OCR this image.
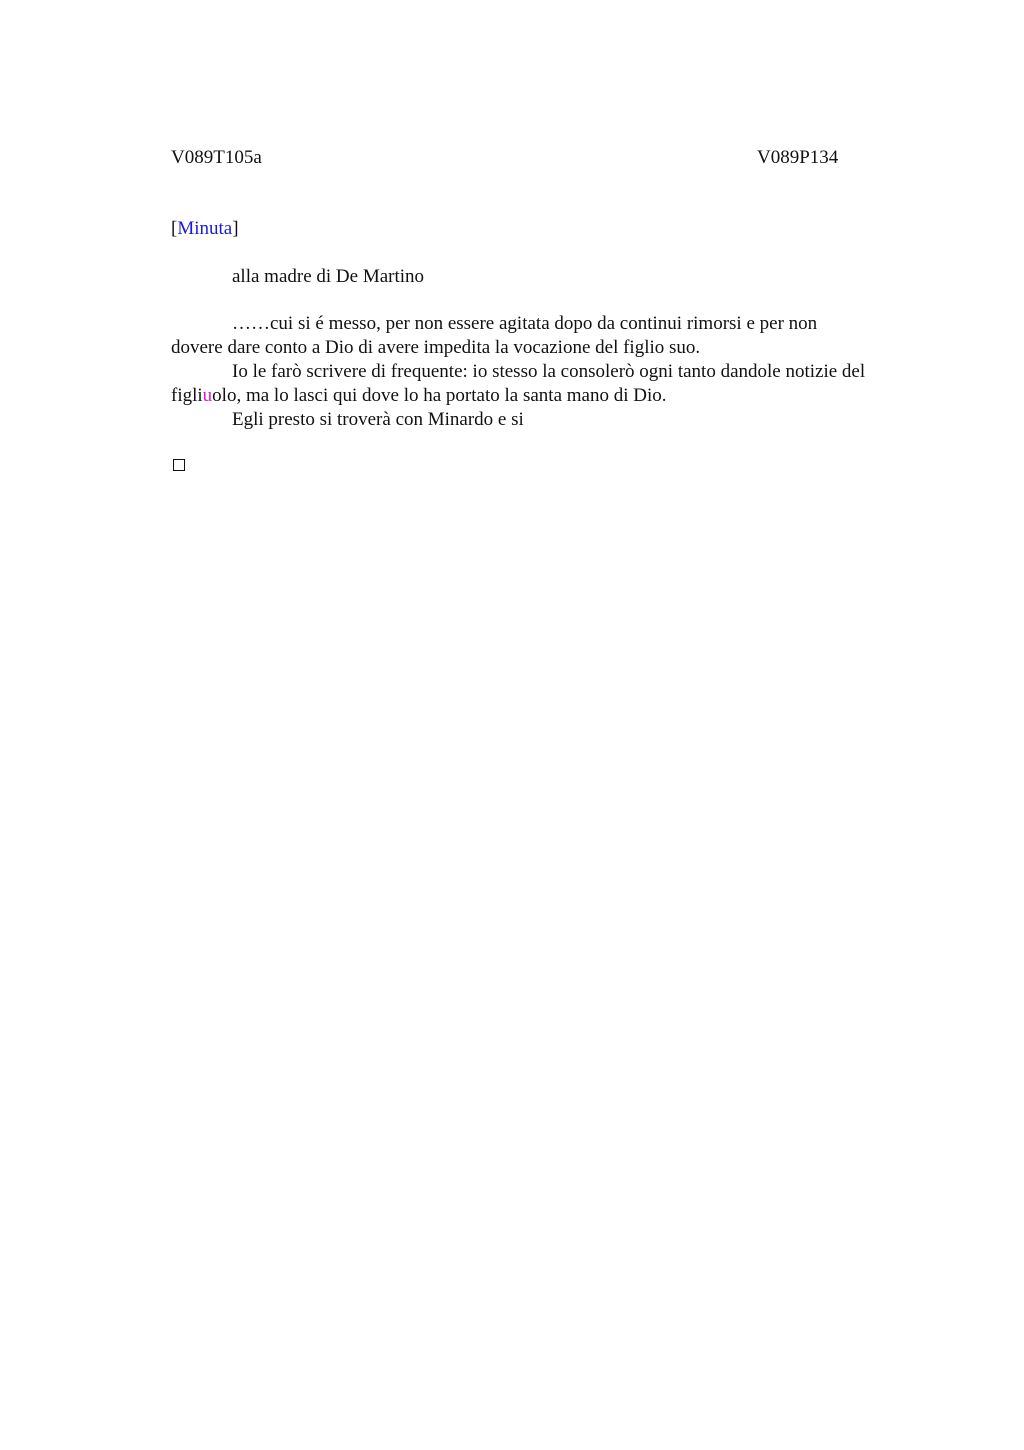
V089T105a	V089P134
[Minuta]
alla madre di De Martino
……cui si é messo, per non essere agitata dopo da continui rimorsi e per non
dovere dare conto a Dio di avere impedita la vocazione del figlio suo.
Io le farò scrivere di frequente: io stesso la consolerò ogni tanto dandole notizie del
figliuolo, ma lo lasci qui dove lo ha portato la santa mano di Dio.
Egli presto si troverà con Minardo e si
